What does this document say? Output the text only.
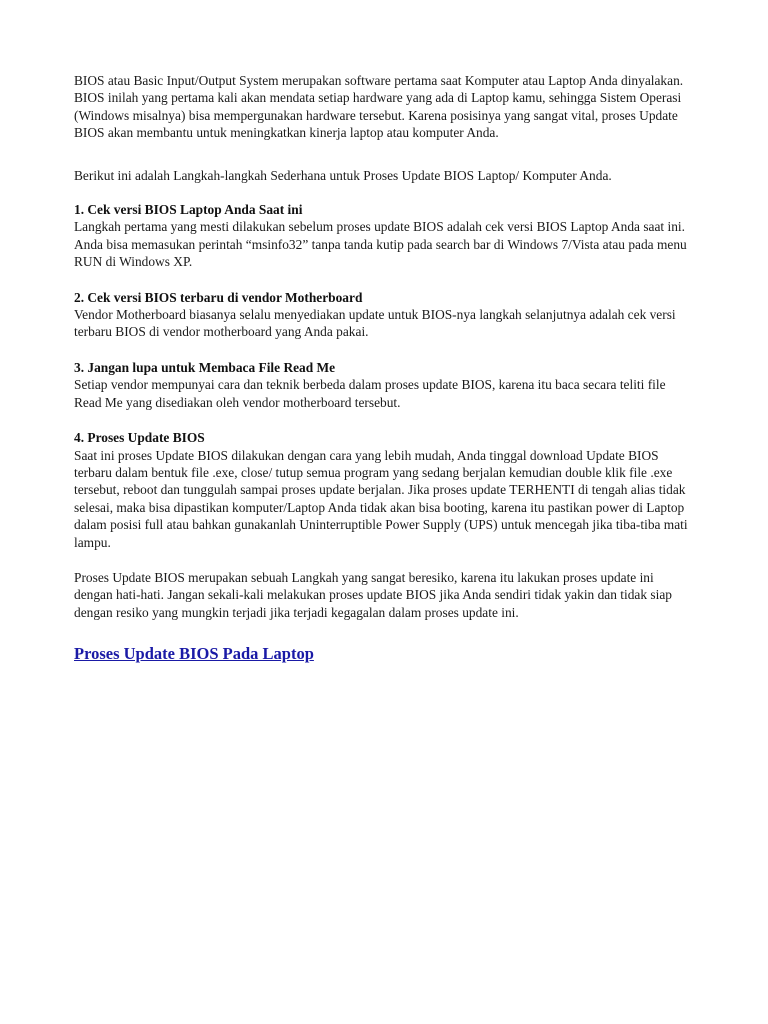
BIOS atau Basic Input/Output System merupakan software pertama saat Komputer atau Laptop Anda dinyalakan. BIOS inilah yang pertama kali akan mendata setiap hardware yang ada di Laptop kamu, sehingga Sistem Operasi (Windows misalnya) bisa mempergunakan hardware tersebut. Karena posisinya yang sangat vital, proses Update BIOS akan membantu untuk meningkatkan kinerja laptop atau komputer Anda.

Berikut ini adalah Langkah-langkah Sederhana untuk Proses Update BIOS Laptop/ Komputer Anda.

1. Cek versi BIOS Laptop Anda Saat ini

Langkah pertama yang mesti dilakukan sebelum proses update BIOS adalah cek versi BIOS Laptop Anda saat ini. Anda bisa memasukan perintah “msinfo32” tanpa tanda kutip pada search bar di Windows 7/Vista atau pada menu RUN di Windows XP.

2. Cek versi BIOS terbaru di vendor Motherboard

Vendor Motherboard biasanya selalu menyediakan update untuk BIOS-nya langkah selanjutnya adalah cek versi terbaru BIOS di vendor motherboard yang Anda pakai.

3. Jangan lupa untuk Membaca File Read Me

Setiap vendor mempunyai cara dan teknik berbeda dalam proses update BIOS, karena itu baca secara teliti file Read Me yang disediakan oleh vendor motherboard tersebut.

4. Proses Update BIOS

Saat ini proses Update BIOS dilakukan dengan cara yang lebih mudah, Anda tinggal download Update BIOS terbaru dalam bentuk file .exe, close/ tutup semua program yang sedang berjalan kemudian double klik file .exe tersebut, reboot dan tunggulah sampai proses update berjalan. Jika proses update TERHENTI di tengah alias tidak selesai, maka bisa dipastikan komputer/Laptop Anda tidak akan bisa booting, karena itu pastikan power di Laptop dalam posisi full atau bahkan gunakanlah Uninterruptible Power Supply (UPS) untuk mencegah jika tiba-tiba mati lampu.

Proses Update BIOS merupakan sebuah Langkah yang sangat beresiko, karena itu lakukan proses update ini dengan hati-hati. Jangan sekali-kali melakukan proses update BIOS jika Anda sendiri tidak yakin dan tidak siap dengan resiko yang mungkin terjadi jika terjadi kegagalan dalam proses update ini.

Proses Update BIOS Pada Laptop
